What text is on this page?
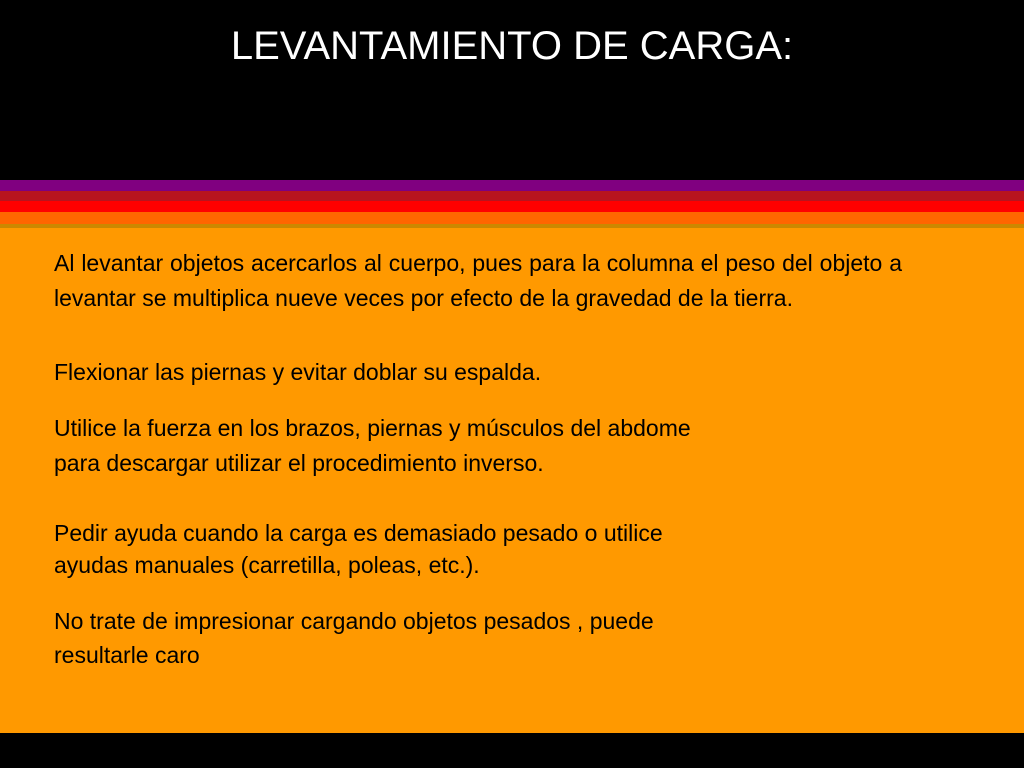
LEVANTAMIENTO DE CARGA:

Al levantar objetos acercarlos al cuerpo, pues para la columna el peso del objeto a levantar se multiplica nueve veces por efecto de la gravedad de la tierra.

Flexionar las piernas y evitar doblar su espalda.

Utilice la fuerza en los brazos, piernas y músculos del abdome
para descargar utilizar el procedimiento inverso.

Pedir ayuda cuando la carga es demasiado pesado o utilice
ayudas manuales (carretilla, poleas, etc.).

No trate de impresionar cargando objetos pesados , puede
resultarle caro
